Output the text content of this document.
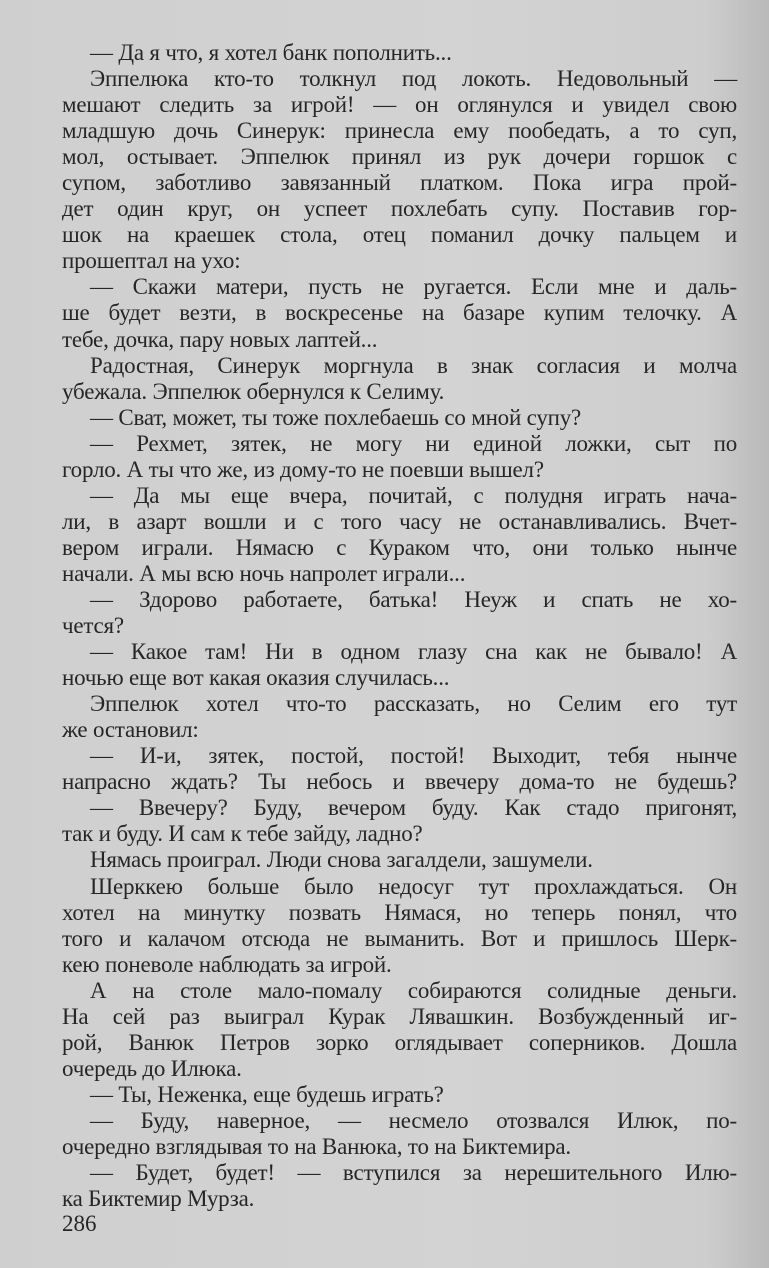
— Да я что, я хотел банк пополнить...
Эппелюка кто-то толкнул под локоть. Недовольный —
мешают следить за игрой! — он оглянулся и увидел свою
младшую дочь Синерук: принесла ему пообедать, а то суп,
мол, остывает. Эппелюк принял из рук дочери горшок с
супом, заботливо завязанный платком. Пока игра прой-
дет один круг, он успеет похлебать супу. Поставив гор-
шок на краешек стола, отец поманил дочку пальцем и
прошептал на ухо:
— Скажи матери, пусть не ругается. Если мне и даль-
ше будет везти, в воскресенье на базаре купим телочку. А
тебе, дочка, пару новых лаптей...
Радостная, Синерук моргнула в знак согласия и молча
убежала. Эппелюк обернулся к Селиму.
— Сват, может, ты тоже похлебаешь со мной супу?
— Рехмет, зятек, не могу ни единой ложки, сыт по
горло. А ты что же, из дому-то не поевши вышел?
— Да мы еще вчера, почитай, с полудня играть нача-
ли, в азарт вошли и с того часу не останавливались. Вчет-
вером играли. Нямасю с Кураком что, они только нынче
начали. А мы всю ночь напролет играли...
— Здорово работаете, батька! Неуж и спать не хо-
чется?
— Какое там! Ни в одном глазу сна как не бывало! А
ночью еще вот какая оказия случилась...
Эппелюк хотел что-то рассказать, но Селим его тут
же остановил:
— И-и, зятек, постой, постой! Выходит, тебя нынче
напрасно ждать? Ты небось и ввечеру дома-то не будешь?
— Ввечеру? Буду, вечером буду. Как стадо пригонят,
так и буду. И сам к тебе зайду, ладно?
Нямась проиграл. Люди снова загалдели, зашумели.
Шерккею больше было недосуг тут прохлаждаться. Он
хотел на минутку позвать Нямася, но теперь понял, что
того и калачом отсюда не выманить. Вот и пришлось Шерк-
кею поневоле наблюдать за игрой.
А на столе мало-помалу собираются солидные деньги.
На сей раз выиграл Курак Лявашкин. Возбужденный иг-
рой, Ванюк Петров зорко оглядывает соперников. Дошла
очередь до Илюка.
— Ты, Неженка, еще будешь играть?
— Буду, наверное, — несмело отозвался Илюк, по-
очередно взглядывая то на Ванюка, то на Биктемира.
— Будет, будет! — вступился за нерешительного Илю-
ка Биктемир Мурза.
286
